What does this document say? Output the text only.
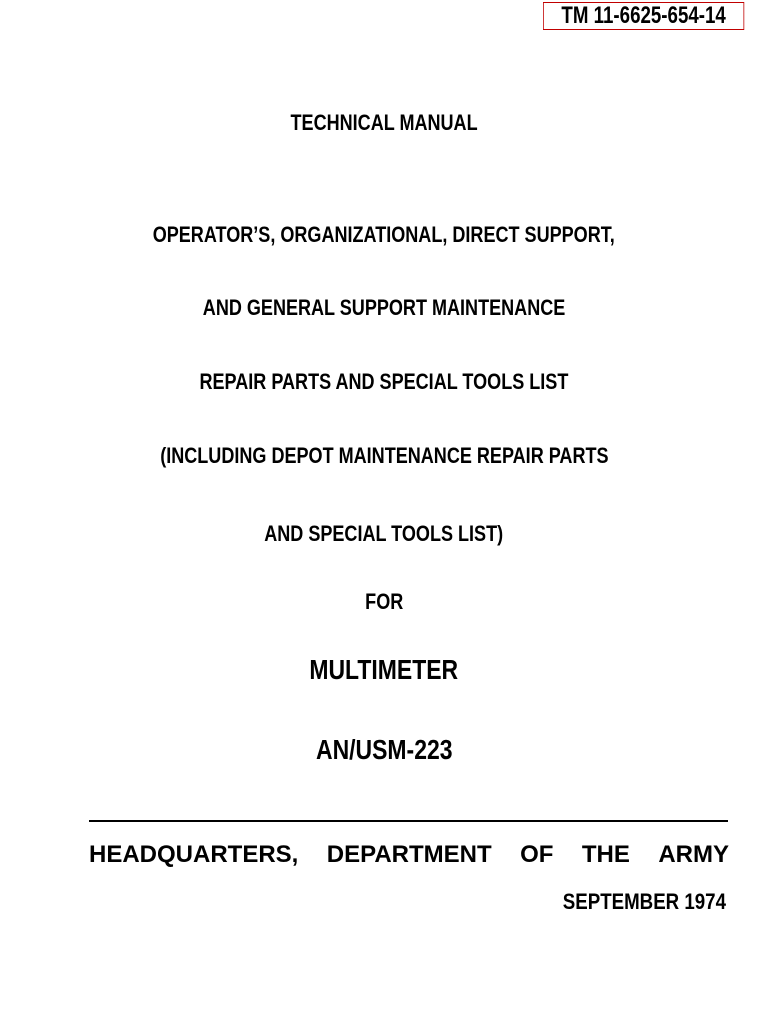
TM 11-6625-654-14
TECHNICAL MANUAL
OPERATOR’S, ORGANIZATIONAL, DIRECT SUPPORT,
AND GENERAL SUPPORT MAINTENANCE
REPAIR PARTS AND SPECIAL TOOLS LIST
(INCLUDING DEPOT MAINTENANCE REPAIR PARTS
AND SPECIAL TOOLS LIST)
FOR
MULTIMETER
AN/USM-223
HEADQUARTERS, DEPARTMENT OF THE ARMY
SEPTEMBER 1974
